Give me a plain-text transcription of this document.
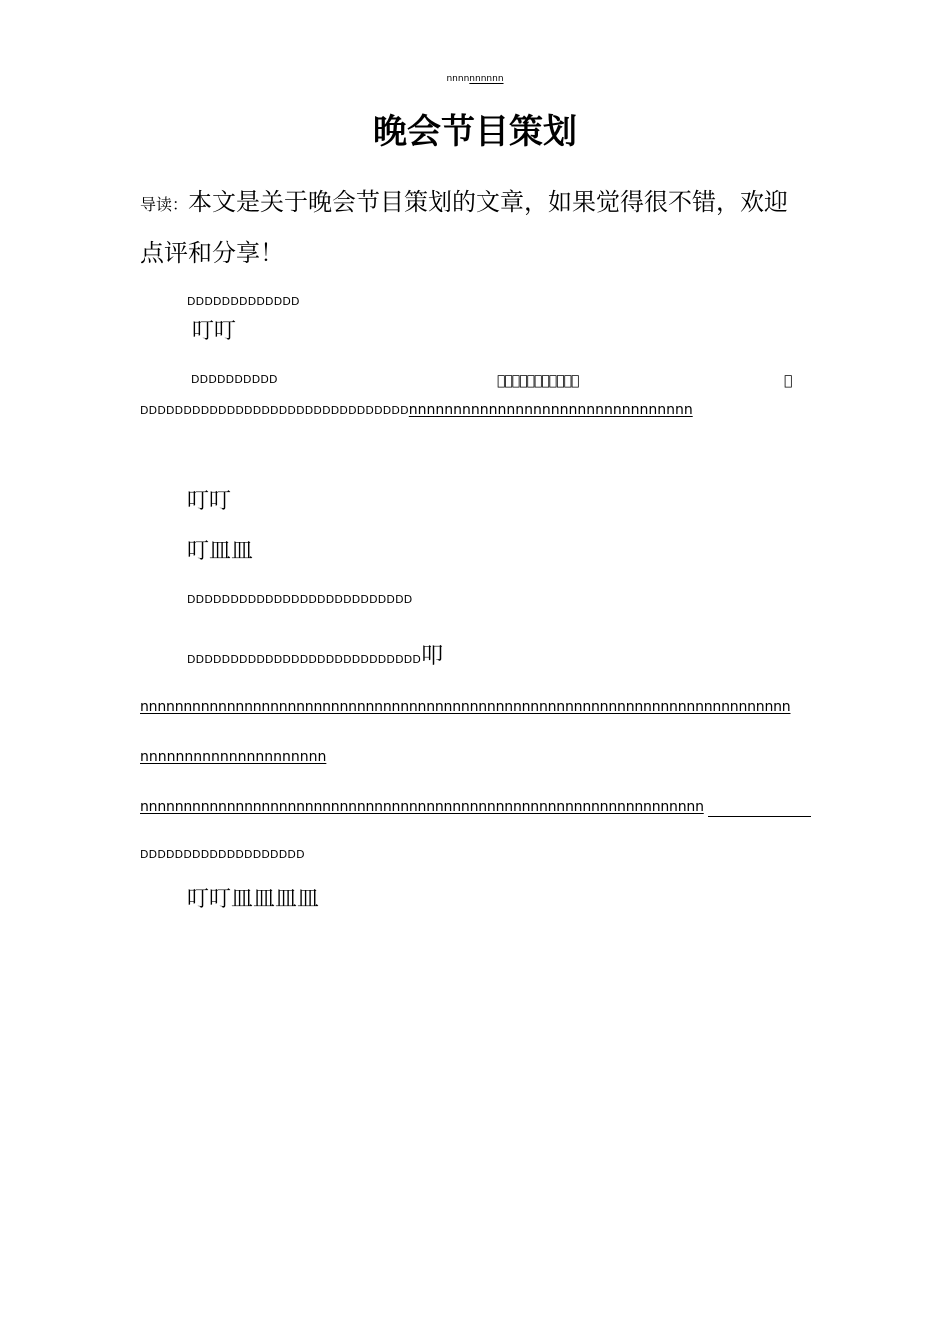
nnnnnnnnnn
晚会节目策划
导读：本文是关于晚会节目策划的文章，如果觉得很不错，欢迎点评和分享！
DDDDDDDDDDDDD
叮叮
DDDDDDDDDD	􀀀􀀀􀀀􀀀􀀀􀀀􀀀􀀀􀀀􀀀􀀀	􀀀
DDDDDDDDDDDDDDDDDDDDDDDDDDDDDDDnnnnnnnnnnnnnnnnnnnnnnnnnnnnnnnn
叮叮
叮皿皿
DDDDDDDDDDDDDDDDDDDDDDDDDD
DDDDDDDDDDDDDDDDDDDDDDDDDDD叩
nnnnnnnnnnnnnnnnnnnnnnnnnnnnnnnnnnnnnnnnnnnnnnnnnnnnnnnnnnnnnnnnnnnnnnnnnnn
nnnnnnnnnnnnnnnnnnnnn
nnnnnnnnnnnnnnnnnnnnnnnnnnnnnnnnnnnnnnnnnnnnnnnnnnnnnnnnnnnnnnnnn
DDDDDDDDDDDDDDDDDDD
叮叮皿皿皿皿
